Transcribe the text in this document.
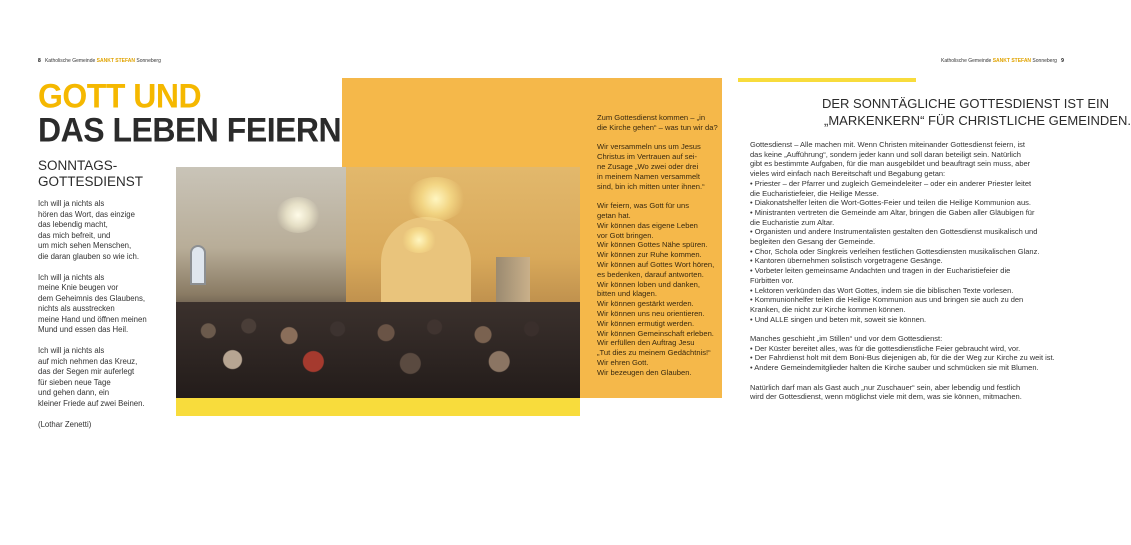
8 Katholische Gemeinde SANKT STEFAN Sonneberg	Katholische Gemeinde SANKT STEFAN Sonneberg 9
GOTT UND
DAS LEBEN FEIERN
SONNTAGS-
GOTTESDIENST

Ich will ja nichts als
hören das Wort, das einzige
das lebendig macht,
das mich befreit, und
um mich sehen Menschen,
die daran glauben so wie ich.

Ich will ja nichts als
meine Knie beugen vor
dem Geheimnis des Glaubens,
nichts als ausstrecken
meine Hand und öffnen meinen
Mund und essen das Heil.

Ich will ja nichts als
auf mich nehmen das Kreuz,
das der Segen mir auferlegt
für sieben neue Tage
und gehen dann, ein
kleiner Friede auf zwei Beinen.

(Lothar Zenetti)

Zum Gottesdienst kommen – „in
die Kirche gehen“ – was tun wir da?

Wir versammeln uns um Jesus
Christus im Vertrauen auf sei-
ne Zusage „Wo zwei oder drei
in meinem Namen versammelt
sind, bin ich mitten unter ihnen.“

Wir feiern, was Gott für uns
getan hat.
Wir können das eigene Leben
vor Gott bringen.
Wir können Gottes Nähe spüren.
Wir können zur Ruhe kommen.
Wir können auf Gottes Wort hören,
es bedenken, darauf antworten.
Wir können loben und danken,
bitten und klagen.
Wir können gestärkt werden.
Wir können uns neu orientieren.
Wir können ermutigt werden.
Wir können Gemeinschaft erleben.
Wir erfüllen den Auftrag Jesu
„Tut dies zu meinem Gedächtnis!“
Wir ehren Gott.
Wir bezeugen den Glauben.

DER SONNTÄGLICHE GOTTESDIENST IST EIN
„MARKENKERN“ FÜR CHRISTLICHE GEMEINDEN.
Gottesdienst – Alle machen mit. Wenn Christen miteinander Gottesdienst feiern, ist
das keine „Aufführung“, sondern jeder kann und soll daran beteiligt sein. Natürlich
gibt es bestimmte Aufgaben, für die man ausgebildet und beauftragt sein muss, aber
vieles wird einfach nach Bereitschaft und Begabung getan:
• Priester – der Pfarrer und zugleich Gemeindeleiter – oder ein anderer Priester leitet
die Eucharistiefeier, die Heilige Messe.
• Diakonatshelfer leiten die Wort-Gottes-Feier und teilen die Heilige Kommunion aus.
• Ministranten vertreten die Gemeinde am Altar, bringen die Gaben aller Gläubigen für
die Eucharistie zum Altar.
• Organisten und andere Instrumentalisten gestalten den Gottesdienst musikalisch und
begleiten den Gesang der Gemeinde.
• Chor, Schola oder Singkreis verleihen festlichen Gottesdiensten musikalischen Glanz.
• Kantoren übernehmen solistisch vorgetragene Gesänge.
• Vorbeter leiten gemeinsame Andachten und tragen in der Eucharistiefeier die
Fürbitten vor.
• Lektoren verkünden das Wort Gottes, indem sie die biblischen Texte vorlesen.
• Kommunionhelfer teilen die Heilige Kommunion aus und bringen sie auch zu den
Kranken, die nicht zur Kirche kommen können.
• Und ALLE singen und beten mit, soweit sie können.
Manches geschieht „im Stillen“ und vor dem Gottesdienst:
• Der Küster bereitet alles, was für die gottesdienstliche Feier gebraucht wird, vor.
• Der Fahrdienst holt mit dem Boni-Bus diejenigen ab, für die der Weg zur Kirche zu weit ist.
• Andere Gemeindemitglieder halten die Kirche sauber und schmücken sie mit Blumen.
Natürlich darf man als Gast auch „nur Zuschauer“ sein, aber lebendig und festlich
wird der Gottesdienst, wenn möglichst viele mit dem, was sie können, mitmachen.
